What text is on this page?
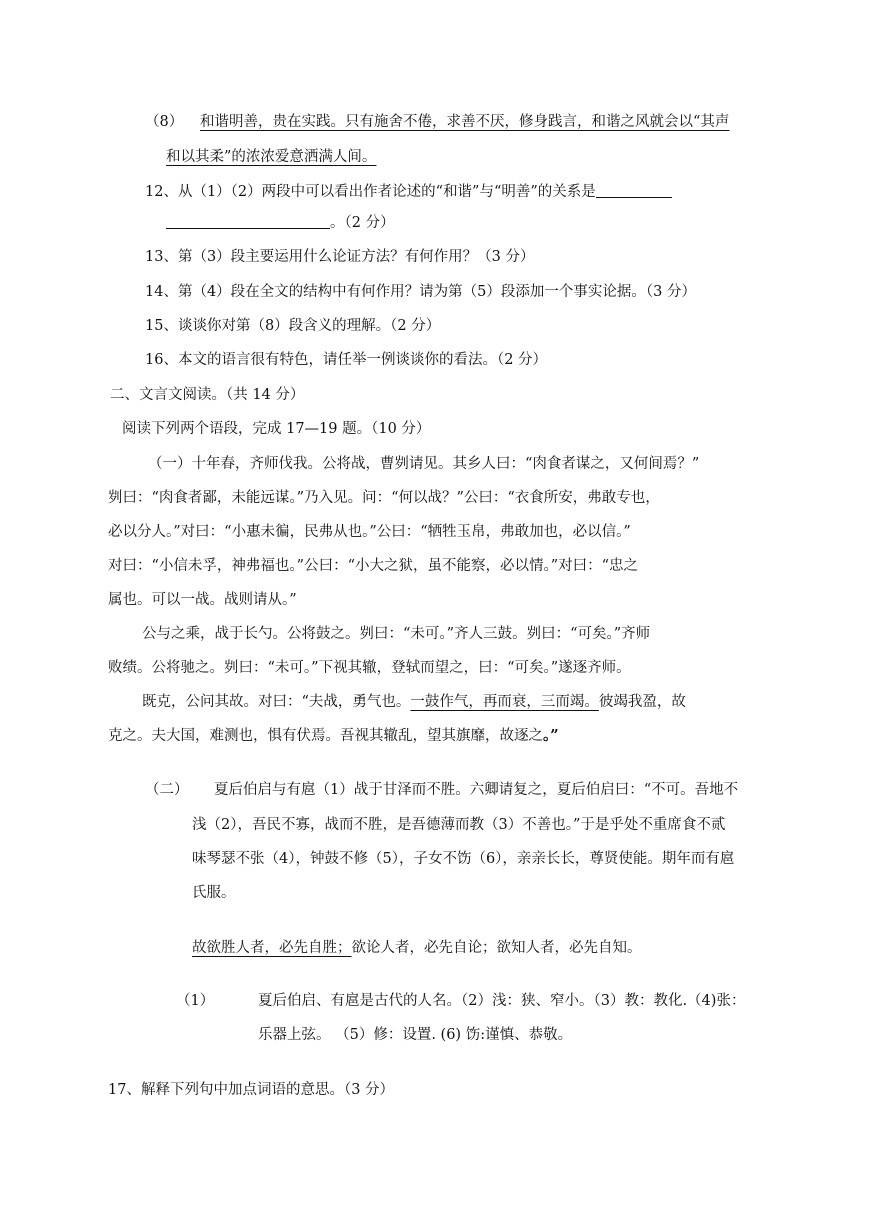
（8） 和谐明善，贵在实践。只有施舍不倦，求善不厌，修身践言，和谐之风就会以“其声
和以其柔”的浓浓爱意洒满人间。
12、从（1）（2）两段中可以看出作者论述的“和谐”与“明善”的关系是
。（2 分）
13、第（3）段主要运用什么论证方法？有何作用？（3 分）
14、第（4）段在全文的结构中有何作用？请为第（5）段添加一个事实论据。（3 分）
15、谈谈你对第（8）段含义的理解。（2 分）
16、本文的语言很有特色，请任举一例谈谈你的看法。（2 分）
二、文言文阅读。（共 14 分）
阅读下列两个语段，完成 17—19 题。（10 分）
（一）十年春，齐师伐我。公将战，曹刿请见。其乡人曰：“肉食者谋之，又何间焉？”
刿曰：“肉食者鄙，未能远谋。”乃入见。问：“何以战？”公曰：“衣食所安，弗敢专也，
必以分人。”对曰：“小惠未徧，民弗从也。”公曰：“牺牲玉帛，弗敢加也，必以信。”
对曰：“小信未孚，神弗福也。”公曰：“小大之狱，虽不能察，必以情。”对曰：“忠之
属也。可以一战。战则请从。”
公与之乘，战于长勺。公将鼓之。刿曰：“未可。”齐人三鼓。刿曰：“可矣。”齐师
败绩。公将驰之。刿曰：“未可。”下视其辙，登轼而望之，曰：“可矣。”遂逐齐师。
既克，公问其故。对曰：“夫战，勇气也。一鼓作气，再而衰，三而竭。彼竭我盈，故
克之。夫大国，难测也，惧有伏焉。吾视其辙乱，望其旗靡，故逐之。”
（二） 夏后伯启与有扈（1）战于甘泽而不胜。六卿请复之，夏后伯启曰：“不可。吾地不
浅（2），吾民不寡，战而不胜，是吾德薄而教（3）不善也。”于是乎处不重席食不贰
味琴瑟不张（4），钟鼓不修（5），子女不饬（6），亲亲长长，尊贤使能。期年而有扈
氏服。
故欲胜人者，必先自胜；欲论人者，必先自论；欲知人者，必先自知。
（1）	夏后伯启、有扈是古代的人名。（2）浅：狭、窄小。（3）教：教化.（4)张：
乐器上弦。 （5）修：设置. (6) 饬:谨慎、恭敬。
17、解释下列句中加点词语的意思。（3 分）
